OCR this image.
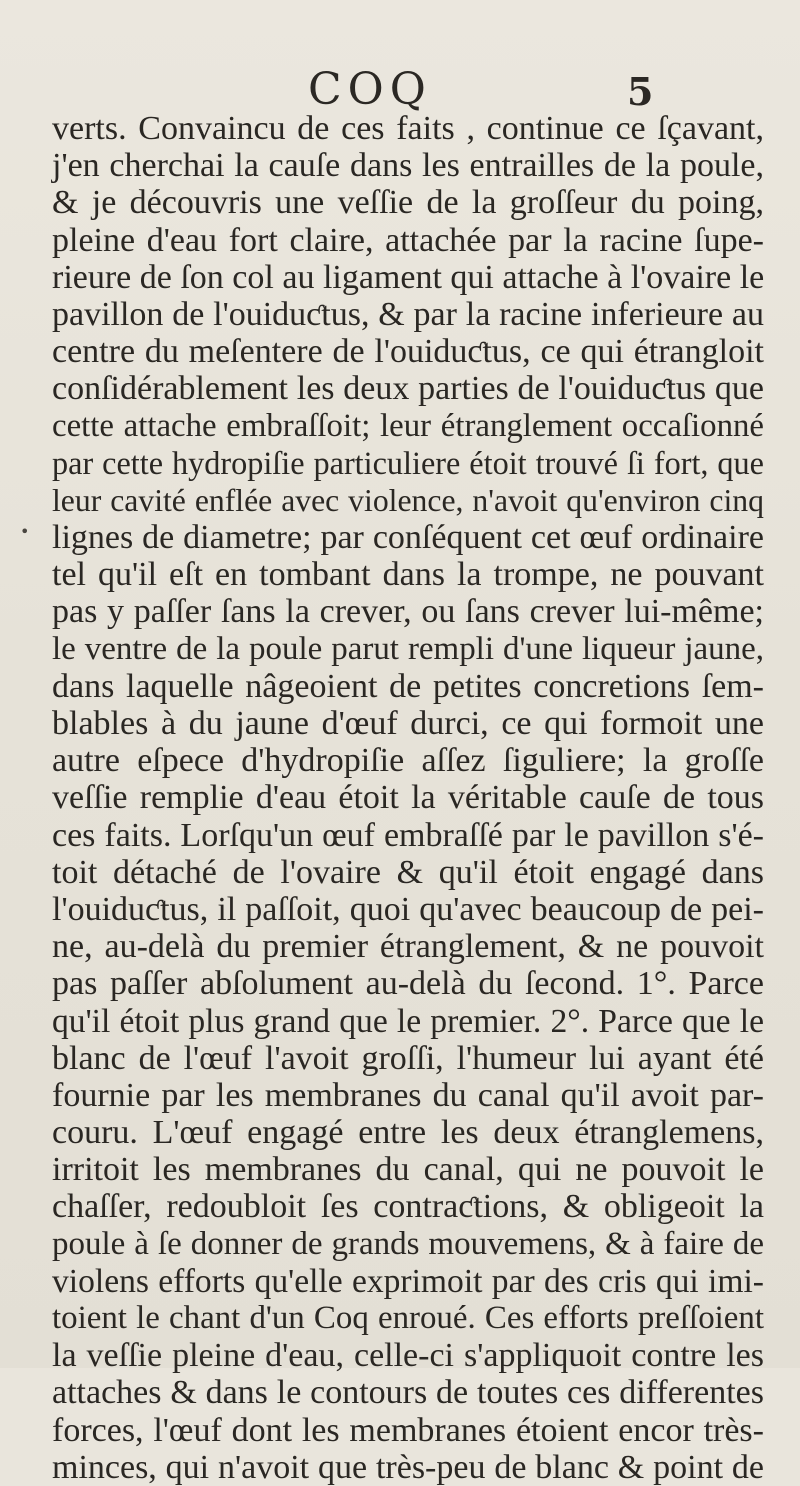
COQ	5
•
verts. Convaincu de ces faits , continue ce ſçavant,
j'en cherchai la cauſe dans les entrailles de la poule,
& je découvris une veſſie de la groſſeur du poing,
pleine d'eau fort claire, attachée par la racine ſupe-
rieure de ſon col au ligament qui attache à l'ovaire le
pavillon de l'ouiduƈtus, & par la racine inferieure au
centre du meſentere de l'ouiduƈtus, ce qui étrangloit
conſidérablement les deux parties de l'ouiduƈtus que
cette attache embraſſoit; leur étranglement occaſionné
par cette hydropiſie particuliere étoit trouvé ſi fort, que
leur cavité enflée avec violence, n'avoit qu'environ cinq
lignes de diametre; par conſéquent cet œuf ordinaire
tel qu'il eſt en tombant dans la trompe, ne pouvant
pas y paſſer ſans la crever, ou ſans crever lui-même;
le ventre de la poule parut rempli d'une liqueur jaune,
dans laquelle nâgeoient de petites concretions ſem-
blables à du jaune d'œuf durci, ce qui formoit une
autre eſpece d'hydropiſie aſſez ſiguliere; la groſſe
veſſie remplie d'eau étoit la véritable cauſe de tous
ces faits. Lorſqu'un œuf embraſſé par le pavillon s'é-
toit détaché de l'ovaire & qu'il étoit engagé dans
l'ouiduƈtus, il paſſoit, quoi qu'avec beaucoup de pei-
ne, au-delà du premier étranglement, & ne pouvoit
pas paſſer abſolument au-delà du ſecond. 1°. Parce
qu'il étoit plus grand que le premier. 2°. Parce que le
blanc de l'œuf l'avoit groſſi, l'humeur lui ayant été
fournie par les membranes du canal qu'il avoit par-
couru. L'œuf engagé entre les deux étranglemens,
irritoit les membranes du canal, qui ne pouvoit le
chaſſer, redoubloit ſes contraƈtions, & obligeoit la
poule à ſe donner de grands mouvemens, & à faire de
violens efforts qu'elle exprimoit par des cris qui imi-
toient le chant d'un Coq enroué. Ces efforts preſſoient
la veſſie pleine d'eau, celle-ci s'appliquoit contre les
attaches & dans le contours de toutes ces differentes
forces, l'œuf dont les membranes étoient encor très-
minces, qui n'avoit que très-peu de blanc & point de
